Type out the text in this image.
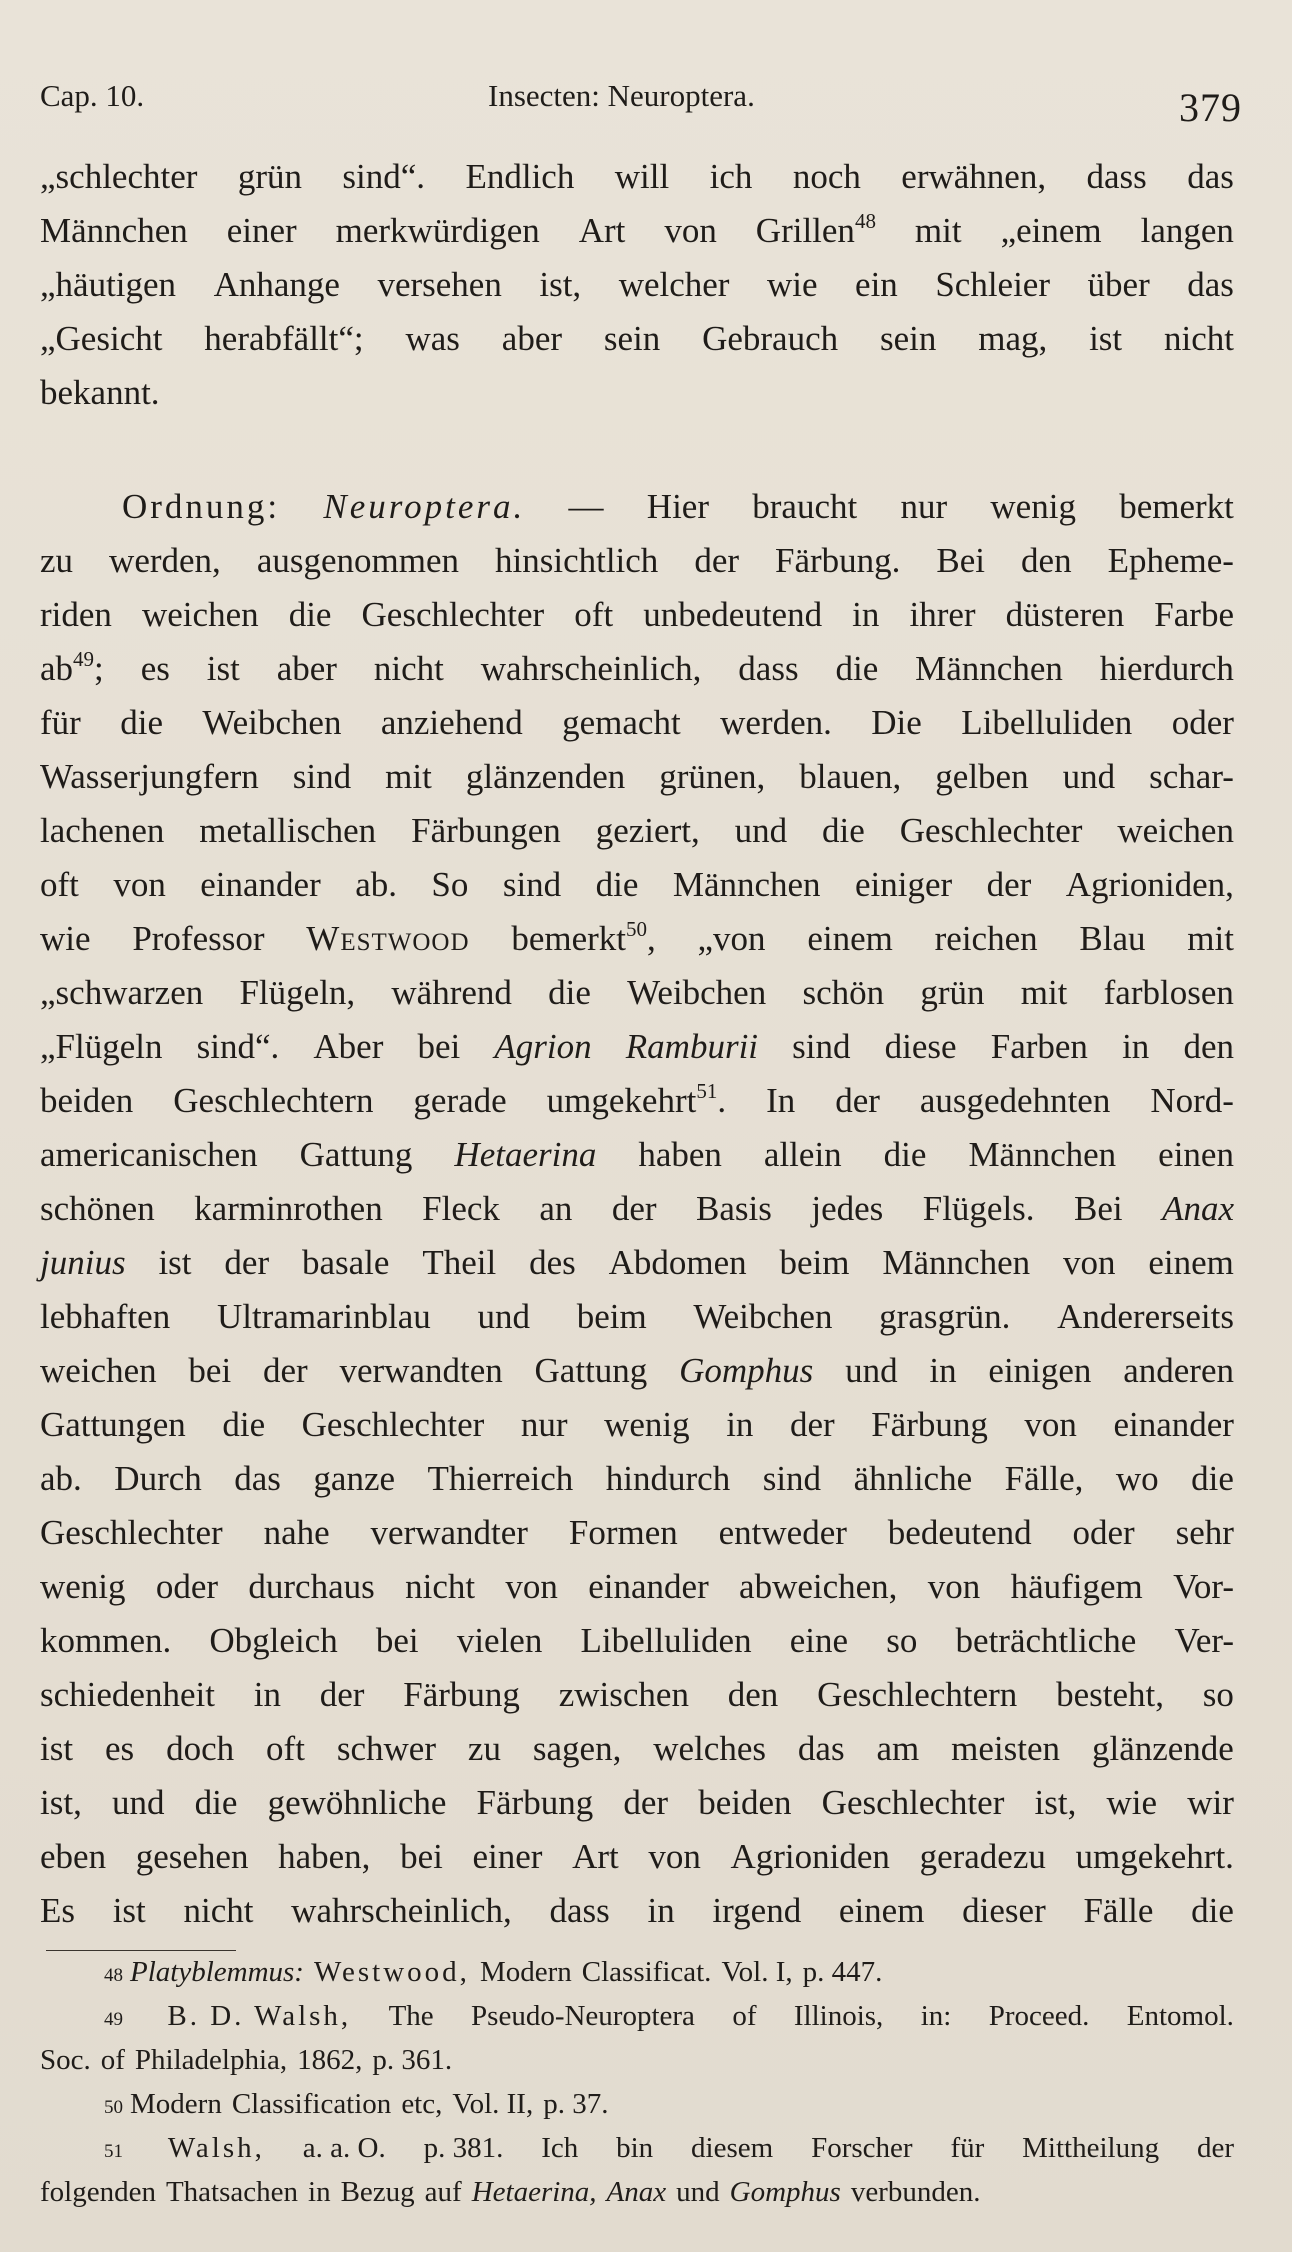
Cap. 10.	Insecten: Neuroptera.	379
„schlechter grün sind“. Endlich will ich noch erwähnen, dass das
Männchen einer merkwürdigen Art von Grillen$^{48}$ mit „einem langen
„häutigen Anhange versehen ist, welcher wie ein Schleier über das
„Gesicht herabfällt“; was aber sein Gebrauch sein mag, ist nicht
bekannt.
Ordnung: Neuroptera. — Hier braucht nur wenig bemerkt
zu werden, ausgenommen hinsichtlich der Färbung. Bei den Epheme-
riden weichen die Geschlechter oft unbedeutend in ihrer düsteren Farbe
$ab^{49}$; es ist aber nicht wahrscheinlich, dass die Männchen hierdurch
für die Weibchen anziehend gemacht werden. Die Libelluliden oder
Wasserjungfern sind mit glänzenden grünen, blauen, gelben und schar-
lachenen metallischen Färbungen geziert, und die Geschlechter weichen
oft von einander ab. So sind die Männchen einiger der Agrioniden,
wie Professor Westwood bemerkt$^{50}$, „von einem reichen Blau mit
„schwarzen Flügeln, während die Weibchen schön grün mit farblosen
„Flügeln sind“. Aber bei Agrion Ramburii sind diese Farben in den
beiden Geschlechtern gerade umgekehrt$^{51}$. In der ausgedehnten Nord-
americanischen Gattung Hetaerina haben allein die Männchen einen
schönen karminrothen Fleck an der Basis jedes Flügels. Bei Anax
junius ist der basale Theil des Abdomen beim Männchen von einem
lebhaften Ultramarinblau und beim Weibchen grasgrün. Andererseits
weichen bei der verwandten Gattung Gomphus und in einigen anderen
Gattungen die Geschlechter nur wenig in der Färbung von einander
ab. Durch das ganze Thierreich hindurch sind ähnliche Fälle, wo die
Geschlechter nahe verwandter Formen entweder bedeutend oder sehr
wenig oder durchaus nicht von einander abweichen, von häufigem Vor-
kommen. Obgleich bei vielen Libelluliden eine so beträchtliche Ver-
schiedenheit in der Färbung zwischen den Geschlechtern besteht, so
ist es doch oft schwer zu sagen, welches das am meisten glänzende
ist, und die gewöhnliche Färbung der beiden Geschlechter ist, wie wir
eben gesehen haben, bei einer Art von Agrioniden geradezu umgekehrt.
Es ist nicht wahrscheinlich, dass in irgend einem dieser Fälle die
48 Platyblemmus: Westwood, Modern Classificat. Vol. I, p. 447.
49 B. D. Walsh, The Pseudo-Neuroptera of Illinois, in: Proceed. Entomol.
Soc. of Philadelphia, 1862, p. 361.
50 Modern Classification etc, Vol. II, p. 37.
51 Walsh, a. a. O. p. 381. Ich bin diesem Forscher für Mittheilung der
folgenden Thatsachen in Bezug auf Hetaerina, Anax und Gomphus verbunden.
